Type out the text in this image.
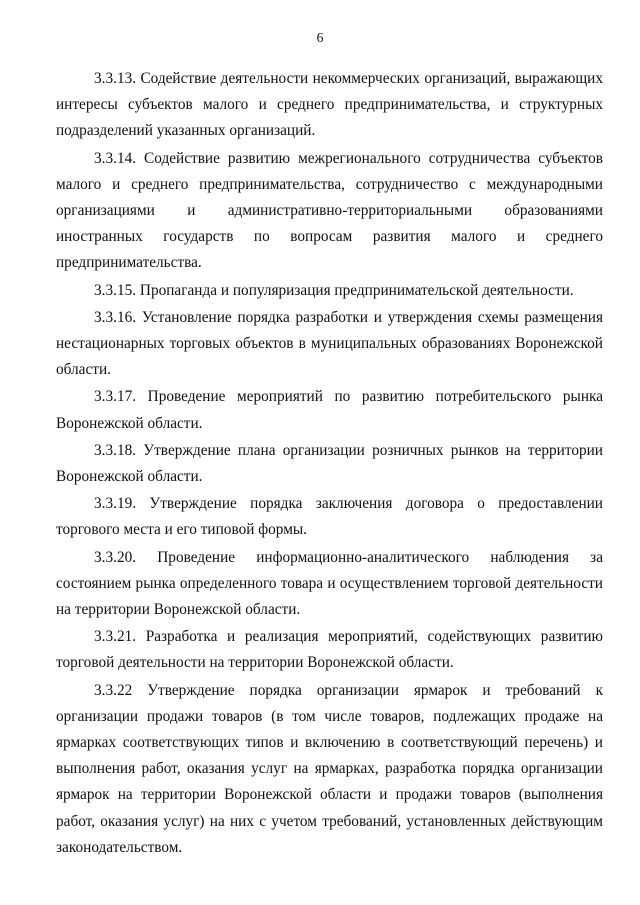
6

3.3.13. Содействие деятельности некоммерческих организаций, выражающих интересы субъектов малого и среднего предпринимательства, и структурных подразделений указанных организаций.

3.3.14. Содействие развитию межрегионального сотрудничества субъектов малого и среднего предпринимательства, сотрудничество с международными организациями и административно-территориальными образованиями иностранных государств по вопросам развития малого и среднего предпринимательства.

3.3.15. Пропаганда и популяризация предпринимательской деятельности.

3.3.16. Установление порядка разработки и утверждения схемы размещения нестационарных торговых объектов в муниципальных образованиях Воронежской области.

3.3.17. Проведение мероприятий по развитию потребительского рынка Воронежской области.

3.3.18. Утверждение плана организации розничных рынков на территории Воронежской области.

3.3.19. Утверждение порядка заключения договора о предоставлении торгового места и его типовой формы.

3.3.20. Проведение информационно-аналитического наблюдения за состоянием рынка определенного товара и осуществлением торговой деятельности на территории Воронежской области.

3.3.21. Разработка и реализация мероприятий, содействующих развитию торговой деятельности на территории Воронежской области.

3.3.22 Утверждение порядка организации ярмарок и требований к организации продажи товаров (в том числе товаров, подлежащих продаже на ярмарках соответствующих типов и включению в соответствующий перечень) и выполнения работ, оказания услуг на ярмарках, разработка порядка организации ярмарок на территории Воронежской области и продажи товаров (выполнения работ, оказания услуг) на них с учетом требований, установленных действующим законодательством.
